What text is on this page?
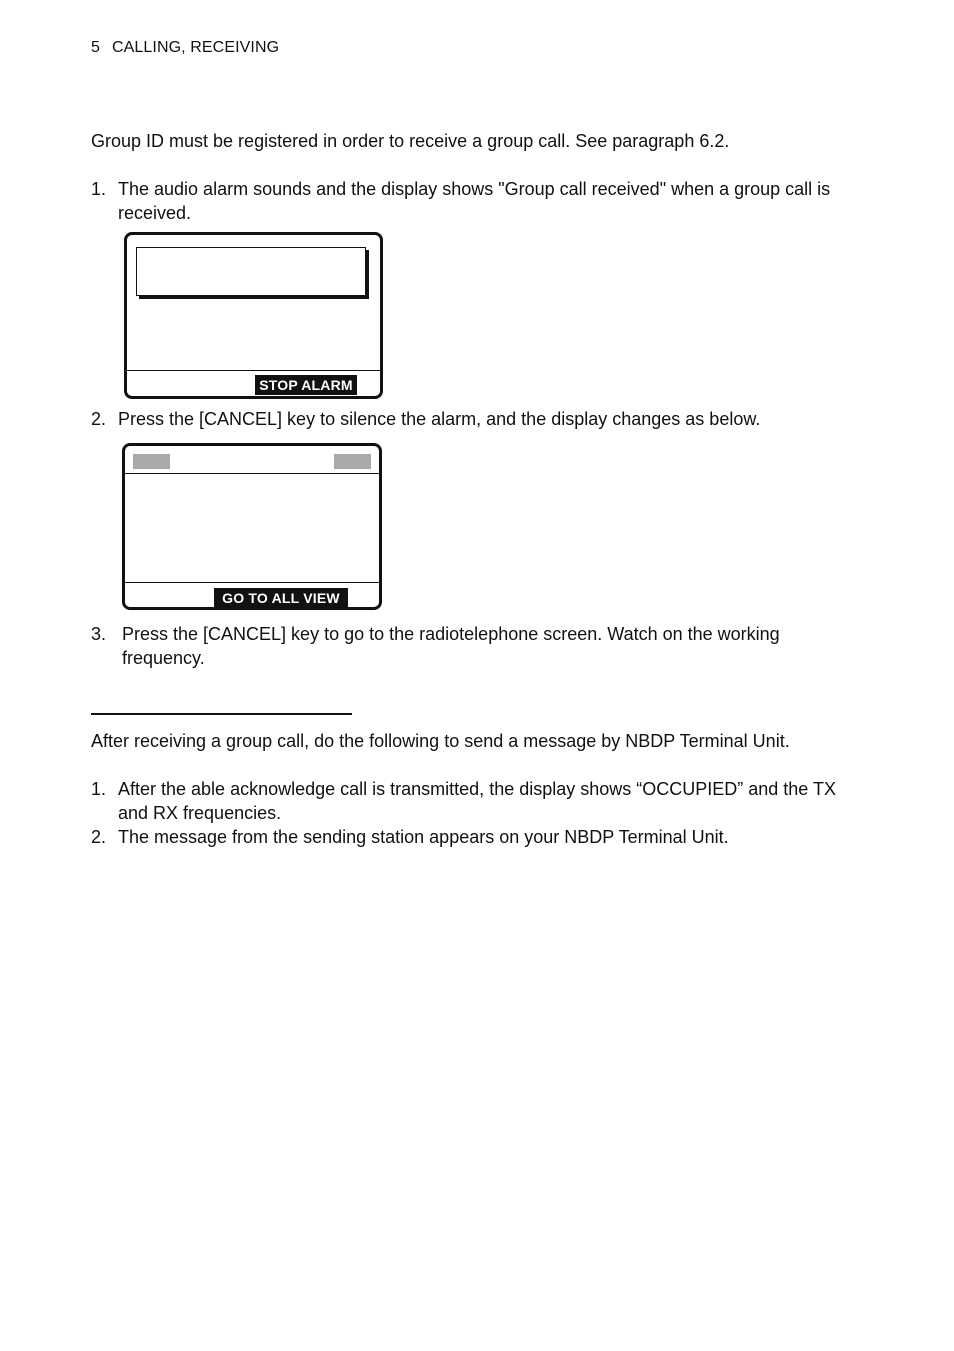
5 CALLING, RECEIVING
Group ID must be registered in order to receive a group call. See paragraph 6.2.
1. The audio alarm sounds and the display shows "Group call received" when a group call is received.
STOP ALARM
2. Press the [CANCEL] key to silence the alarm, and the display changes as below.
GO TO ALL VIEW
3. Press the [CANCEL] key to go to the radiotelephone screen. Watch on the working frequency.
After receiving a group call, do the following to send a message by NBDP Terminal Unit.
1. After the able acknowledge call is transmitted, the display shows “OCCUPIED” and the TX and RX frequencies.
2. The message from the sending station appears on your NBDP Terminal Unit.
